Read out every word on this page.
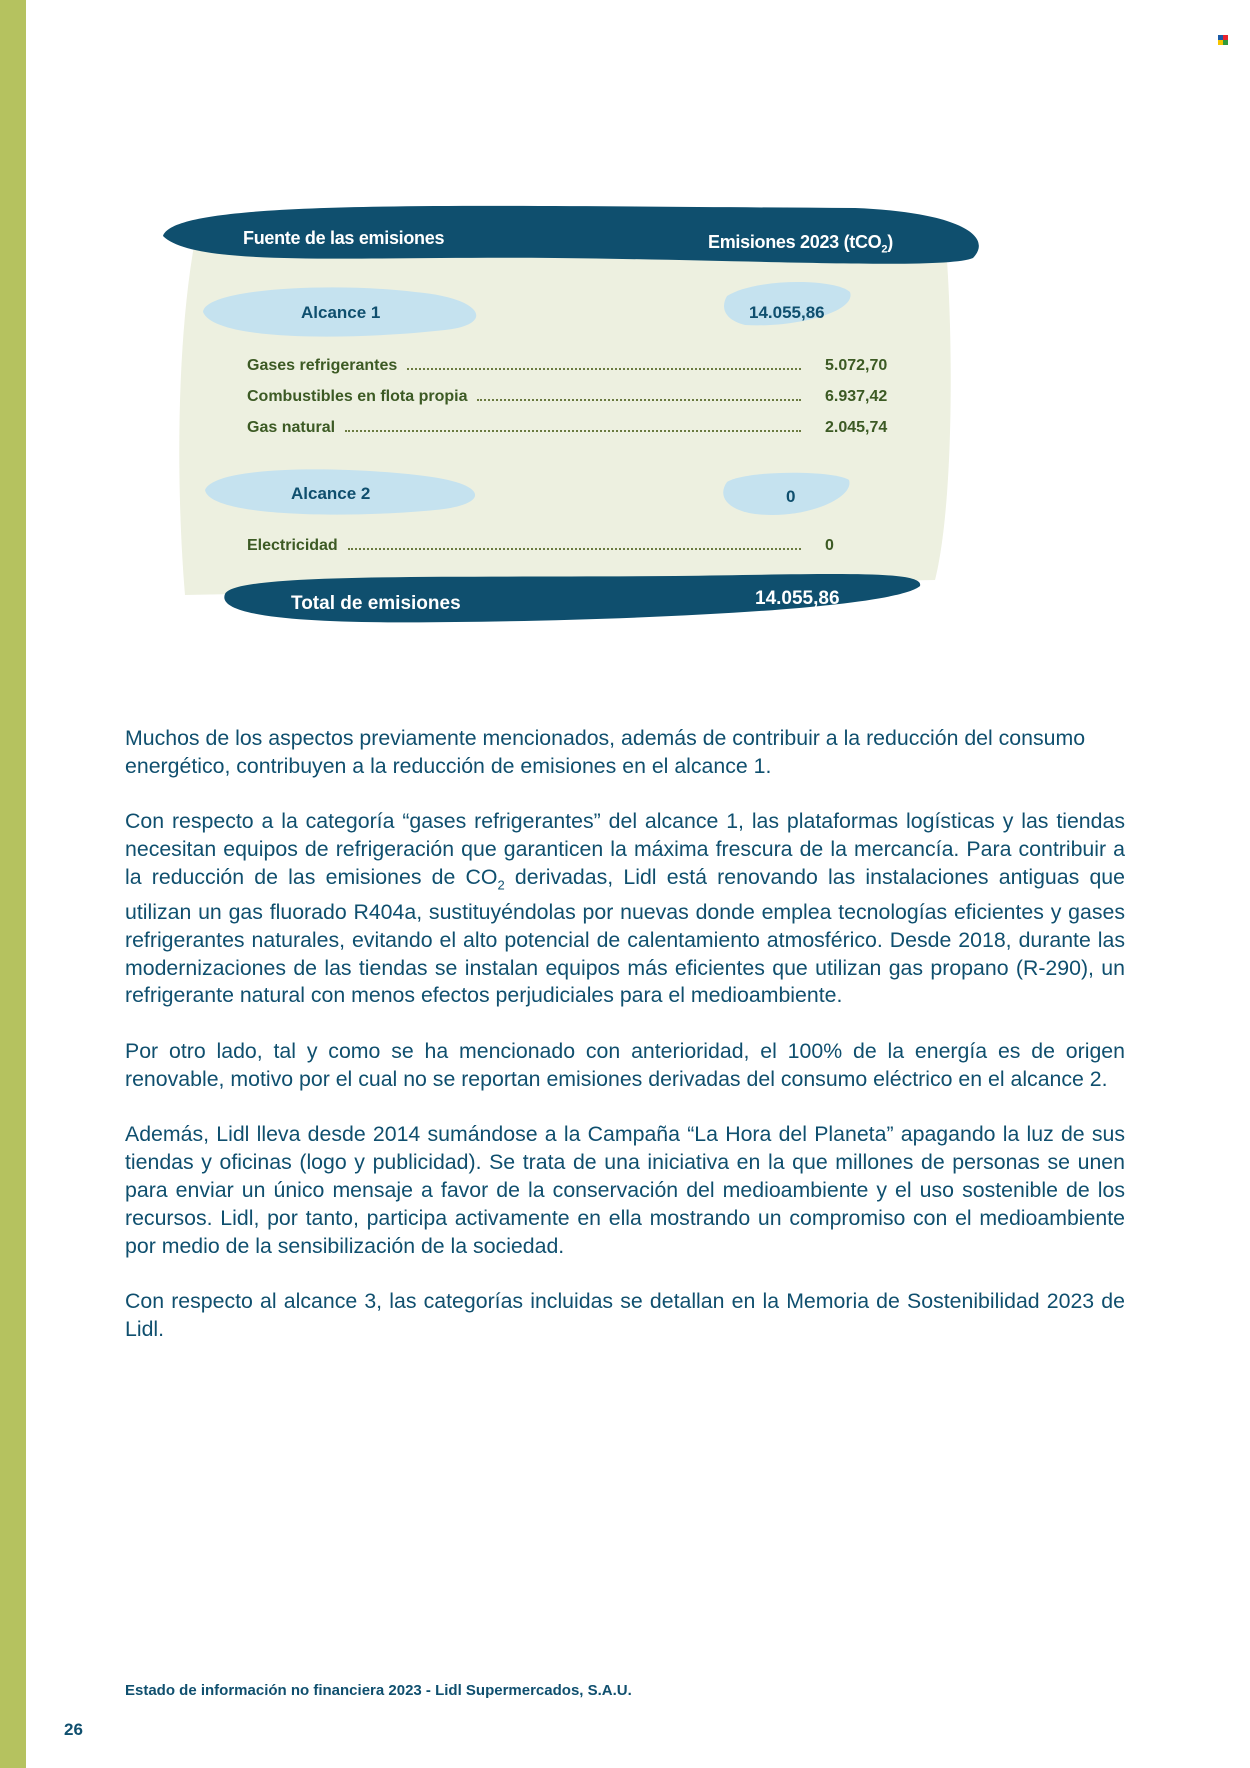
Fuente de las emisiones	Emisiones 2023 (tCO$_2$)
Alcance 1	14.055,86
Gases refrigerantes	5.072,70
Combustibles en flota propia	6.937,42
Gas natural	2.045,74
Alcance 2	0
Electricidad	0
Total de emisiones	14.055,86

Muchos de los aspectos previamente mencionados, además de contribuir a la reducción del consumo energético, contribuyen a la reducción de emisiones en el alcance 1.

Con respecto a la categoría “gases refrigerantes” del alcance 1, las plataformas logísticas y las tiendas necesitan equipos de refrigeración que garanticen la máxima frescura de la mercancía. Para contribuir a la reducción de las emisiones de $CO_2$ derivadas, Lidl está renovando las instalaciones antiguas que utilizan un gas fluorado R404a, sustituyéndolas por nuevas donde emplea tecnologías eficientes y gases refrigerantes naturales, evitando el alto potencial de calentamiento atmosférico. Desde 2018, durante las modernizaciones de las tiendas se instalan equipos más eficientes que utilizan gas propano (R-290), un refrigerante natural con menos efectos perjudiciales para el medioambiente.

Por otro lado, tal y como se ha mencionado con anterioridad, el 100% de la energía es de origen renovable, motivo por el cual no se reportan emisiones derivadas del consumo eléctrico en el alcance 2.

Además, Lidl lleva desde 2014 sumándose a la Campaña “La Hora del Planeta” apagando la luz de sus tiendas y oficinas (logo y publicidad). Se trata de una iniciativa en la que millones de personas se unen para enviar un único mensaje a favor de la conservación del medioambiente y el uso sostenible de los recursos. Lidl, por tanto, participa activamente en ella mostrando un compromiso con el medioambiente por medio de la sensibilización de la sociedad.

Con respecto al alcance 3, las categorías incluidas se detallan en la Memoria de Sostenibilidad 2023 de Lidl.

Estado de información no financiera 2023 - Lidl Supermercados, S.A.U.
26
